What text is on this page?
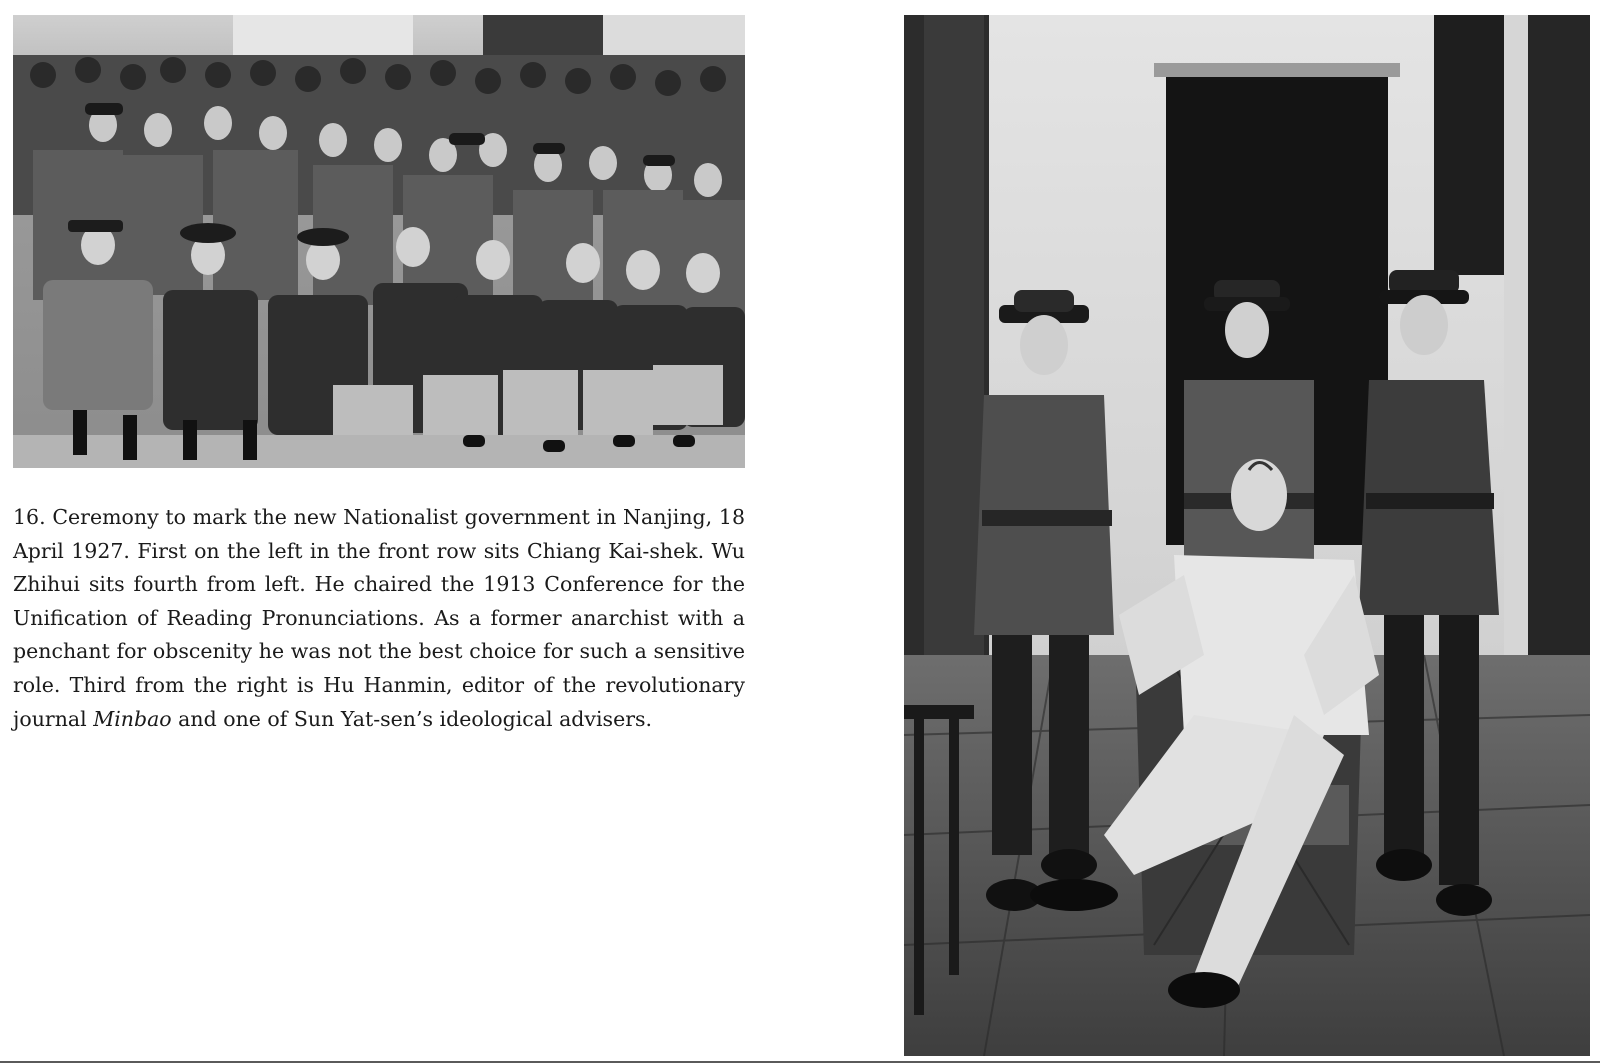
16. Ceremony to mark the new Nationalist government in Nanjing, 18 April 1927. First on the left in the front row sits Chiang Kai-shek. Wu Zhihui sits fourth from left. He chaired the 1913 Conference for the Unification of Reading Pronunciations. As a former anarchist with a penchant for obscenity he was not the best choice for such a sensitive role. Third from the right is Hu Hanmin, editor of the revolutionary journal Minbao and one of Sun Yat-sen’s ideological advisers.
